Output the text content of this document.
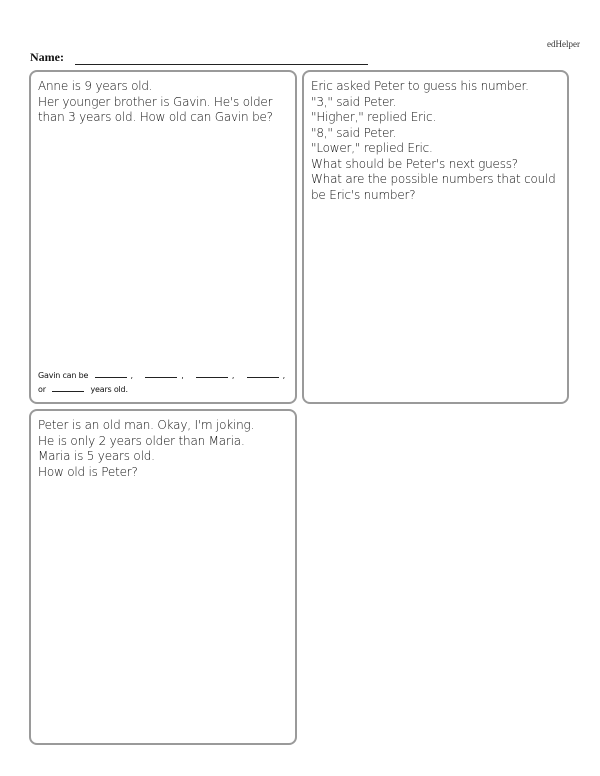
edHelper
Name:
Anne is 9 years old.
Her younger brother is Gavin. He's older than 3 years old. How old can Gavin be?
Gavin can be	,	,	,	,
or	years old.
Eric asked Peter to guess his number.
"3," said Peter.
"Higher," replied Eric.
"8," said Peter.
"Lower," replied Eric.
What should be Peter's next guess?
What are the possible numbers that could be Eric's number?
Peter is an old man. Okay, I'm joking.
He is only 2 years older than Maria.
Maria is 5 years old.
How old is Peter?
